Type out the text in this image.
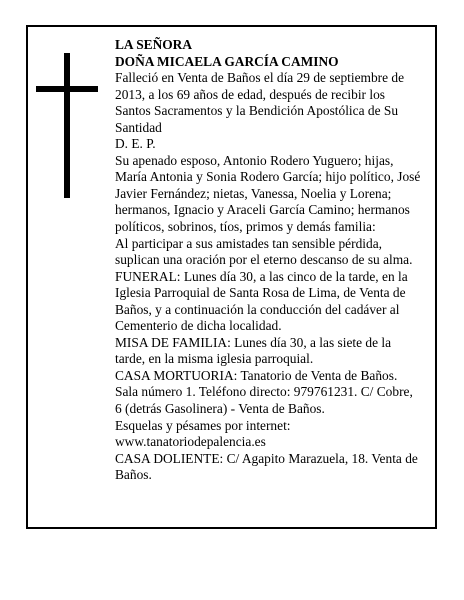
LA SEÑORA

DOÑA MICAELA GARCÍA CAMINO

Falleció en Venta de Baños el día 29 de septiembre de 2013, a los 69 años de edad, después de recibir los Santos Sacramentos y la Bendición Apostólica de Su Santidad

D. E. P.

Su apenado esposo, Antonio Rodero Yuguero; hijas, María Antonia y Sonia Rodero García; hijo político, José Javier Fernández; nietas, Vanessa, Noelia y Lorena; hermanos, Ignacio y Araceli García Camino; hermanos políticos, sobrinos, tíos, primos y demás familia:

Al participar a sus amistades tan sensible pérdida, suplican una oración por el eterno descanso de su alma.

FUNERAL: Lunes día 30, a las cinco de la tarde, en la Iglesia Parroquial de Santa Rosa de Lima, de Venta de Baños, y a continuación la conducción del cadáver al Cementerio de dicha localidad.

MISA DE FAMILIA: Lunes día 30, a las siete de la tarde, en la misma iglesia parroquial.

CASA MORTUORIA: Tanatorio de Venta de Baños. Sala número 1. Teléfono directo: 979761231. C/ Cobre, 6 (detrás Gasolinera) - Venta de Baños.

Esquelas y pésames por internet:

www.tanatoriodepalencia.es

CASA DOLIENTE: C/ Agapito Marazuela, 18. Venta de Baños.
